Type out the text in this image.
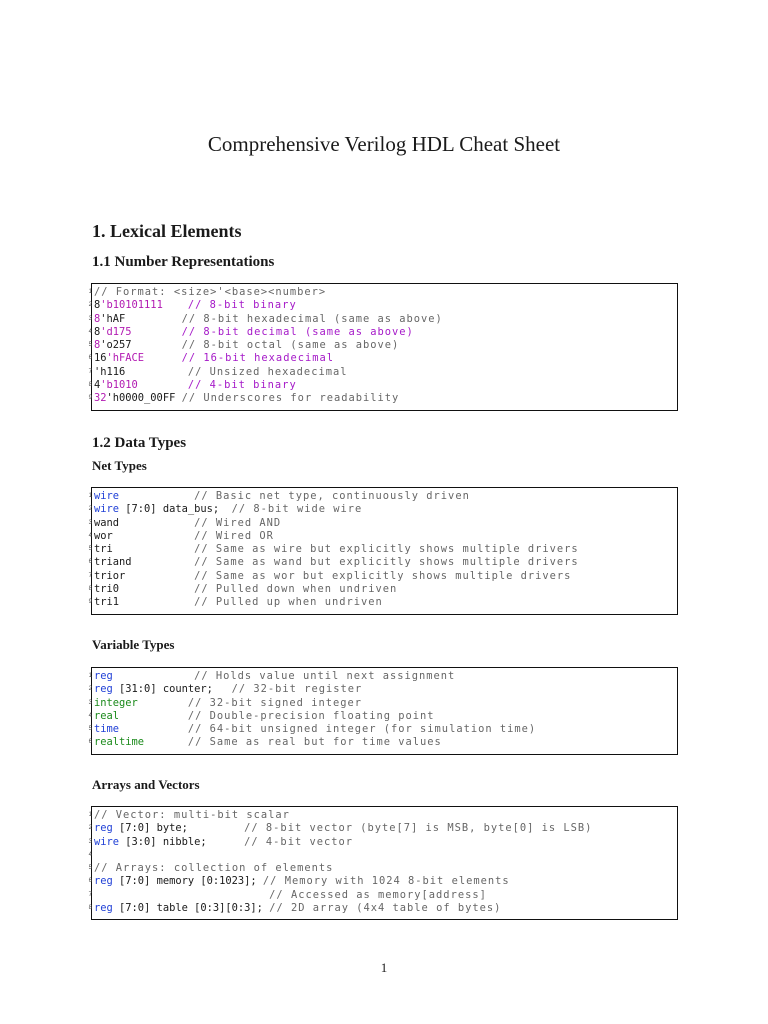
Comprehensive Verilog HDL Cheat Sheet
1. Lexical Elements
1.1 Number Representations
1 // Format: <size>'<base><number>
2 8'b10101111 // 8-bit binary
3 8'hAF         // 8-bit hexadecimal (same as above)
4 8'd175	// 8-bit decimal (same as above)
5 8'o257        // 8-bit octal (same as above)
6 16'hFACE	// 16-bit hexadecimal
7 'h116          // Unsized hexadecimal
8 4'b1010	// 4-bit binary
9 32'h0000_00FF // Underscores for readability
1.2 Data Types
Net Types
1 wire	// Basic net type, continuously driven
2 wire [7:0] data_bus;  // 8-bit wide wire
3 wand            // Wired AND
4 wor             // Wired OR
5 tri             // Same as wire but explicitly shows multiple drivers
6 triand          // Same as wand but explicitly shows multiple drivers
7 trior           // Same as wor but explicitly shows multiple drivers
8 tri0            // Pulled down when undriven
9 tri1            // Pulled up when undriven
Variable Types
1 reg	// Holds value until next assignment
2 reg [31:0] counter;   // 32-bit register
3 integer	// 32-bit signed integer
4 real	// Double-precision floating point
5 time	// 64-bit unsigned integer (for simulation time)
6 realtime	// Same as real but for time values
Arrays and Vectors
1 // Vector: multi-bit scalar
2 reg [7:0] byte;         // 8-bit vector (byte[7] is MSB, byte[0] is LSB)
3 wire [3:0] nibble;      // 4-bit vector
4
5 // Arrays: collection of elements
6 reg [7:0] memory [0:1023]; // Memory with 1024 8-bit elements
7	// Accessed as memory[address]
8 reg [7:0] table [0:3][0:3]; // 2D array (4x4 table of bytes)
1
